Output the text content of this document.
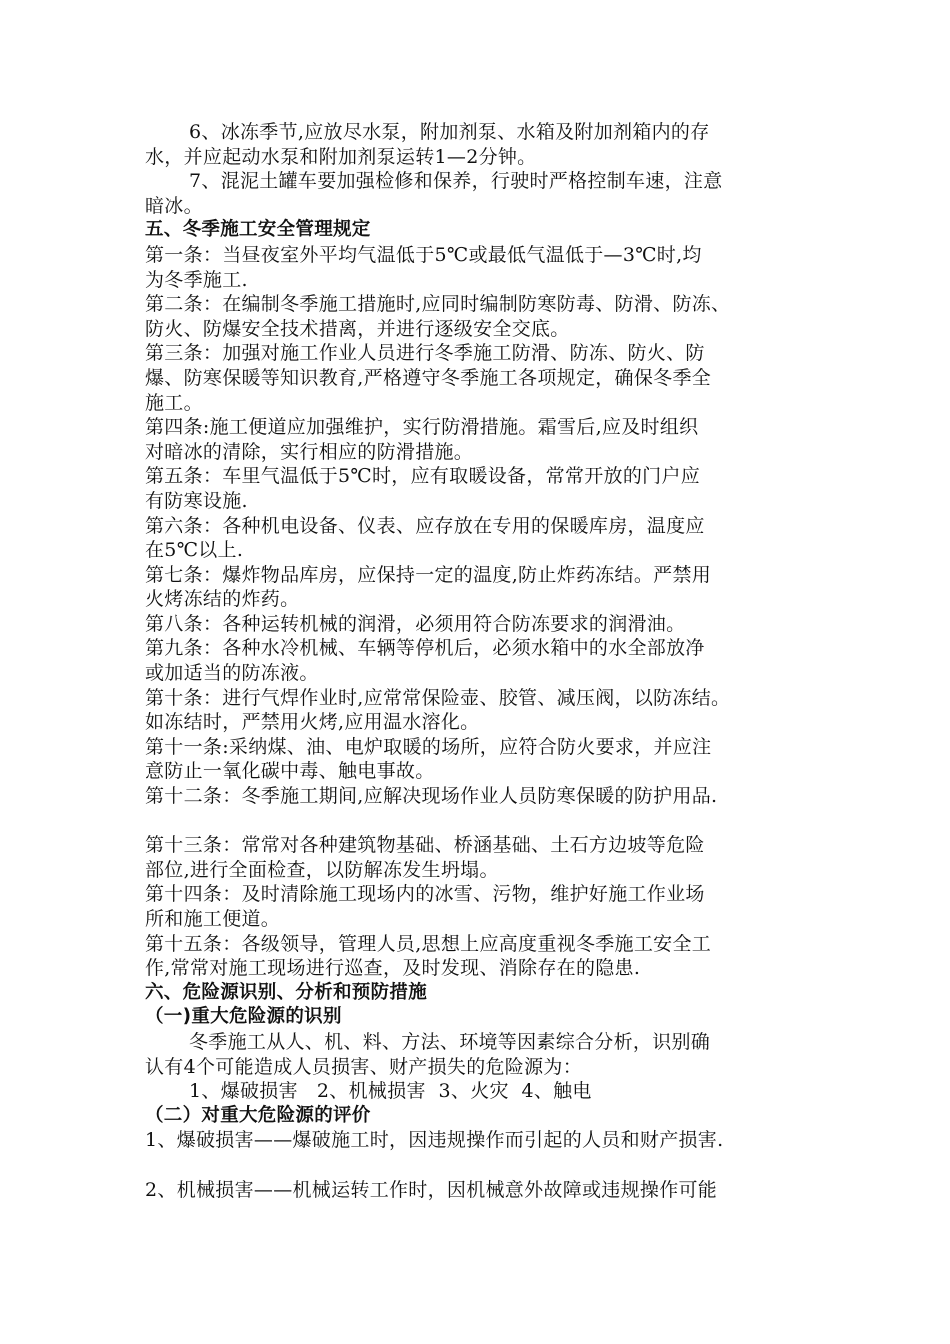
6、冰冻季节,应放尽水泵，附加剂泵、水箱及附加剂箱内的存
水，并应起动水泵和附加剂泵运转1—2分钟。
7、混泥土罐车要加强检修和保养，行驶时严格控制车速，注意
暗冰。
五、冬季施工安全管理规定
第一条：当昼夜室外平均气温低于5℃或最低气温低于—3℃时,均
为冬季施工.
第二条：在编制冬季施工措施时,应同时编制防寒防毒、防滑、防冻、
防火、防爆安全技术措离，并进行逐级安全交底。
第三条：加强对施工作业人员进行冬季施工防滑、防冻、防火、防
爆、防寒保暖等知识教育,严格遵守冬季施工各项规定，确保冬季全
施工。
第四条:施工便道应加强维护，实行防滑措施。霜雪后,应及时组织
对暗冰的清除，实行相应的防滑措施。
第五条：车里气温低于5℃时，应有取暖设备，常常开放的门户应
有防寒设施.
第六条：各种机电设备、仪表、应存放在专用的保暖库房，温度应
在5℃以上.
第七条：爆炸物品库房，应保持一定的温度,防止炸药冻结。严禁用
火烤冻结的炸药。
第八条：各种运转机械的润滑，必须用符合防冻要求的润滑油。
第九条：各种水冷机械、车辆等停机后，必须水箱中的水全部放净
或加适当的防冻液。
第十条：进行气焊作业时,应常常保险壶、胶管、减压阀，以防冻结。
如冻结时，严禁用火烤,应用温水溶化。
第十一条:采纳煤、油、电炉取暖的场所，应符合防火要求，并应注
意防止一氧化碳中毒、触电事故。
第十二条：冬季施工期间,应解决现场作业人员防寒保暖的防护用品.
第十三条：常常对各种建筑物基础、桥涵基础、土石方边坡等危险
部位,进行全面检查，以防解冻发生坍塌。
第十四条：及时清除施工现场内的冰雪、污物，维护好施工作业场
所和施工便道。
第十五条：各级领导，管理人员,思想上应高度重视冬季施工安全工
作,常常对施工现场进行巡查，及时发现、消除存在的隐患.
六、危险源识别、分析和预防措施
（一)重大危险源的识别
冬季施工从人、机、料、方法、环境等因素综合分析，识别确
认有4个可能造成人员损害、财产损失的危险源为：
1、爆破损害   2、机械损害  3、火灾  4、触电
（二）对重大危险源的评价
1、爆破损害——爆破施工时，因违规操作而引起的人员和财产损害.
2、机械损害——机械运转工作时，因机械意外故障或违规操作可能
